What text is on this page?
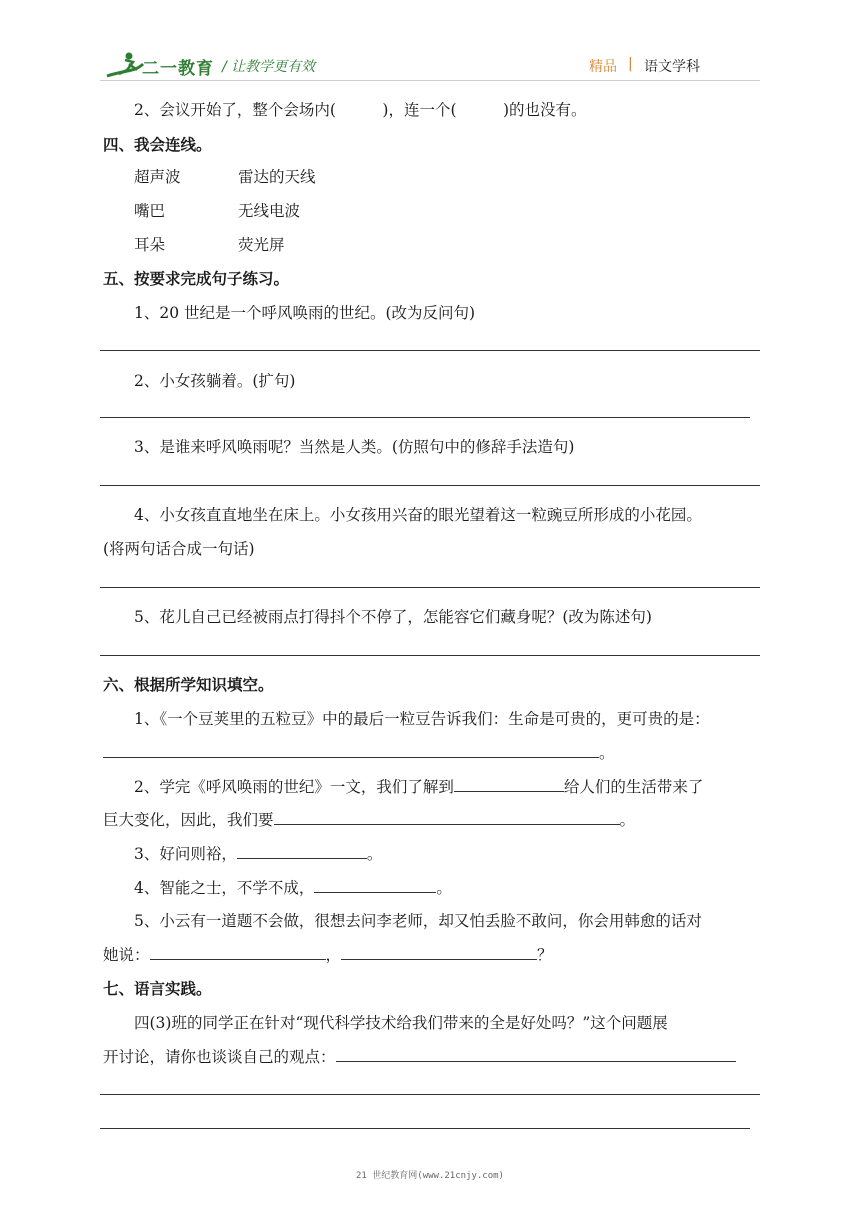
二一教育 / 让教学更有效	精品 | 语文学科
2、会议开始了，整个会场内(　　　)，连一个(　　　)的也没有。
四、我会连线。
超声波	雷达的天线
嘴巴	无线电波
耳朵	荧光屏
五、按要求完成句子练习。
1、20 世纪是一个呼风唤雨的世纪。(改为反问句)
2、小女孩躺着。(扩句)
3、是谁来呼风唤雨呢？当然是人类。(仿照句中的修辞手法造句)
4、小女孩直直地坐在床上。小女孩用兴奋的眼光望着这一粒豌豆所形成的小花园。
(将两句话合成一句话)
5、花儿自己已经被雨点打得抖个不停了，怎能容它们藏身呢？(改为陈述句)
六、根据所学知识填空。
1、《一个豆荚里的五粒豆》中的最后一粒豆告诉我们：生命是可贵的，更可贵的是：
。
2、学完《呼风唤雨的世纪》一文，我们了解到	给人们的生活带来了
巨大变化，因此，我们要	。
3、好问则裕，	。
4、智能之士，不学不成，	。
5、小云有一道题不会做，很想去问李老师，却又怕丢脸不敢问，你会用韩愈的话对
她说：	，	？
七、语言实践。
四(3)班的同学正在针对“现代科学技术给我们带来的全是好处吗？”这个问题展
开讨论，请你也谈谈自己的观点：
21 世纪教育网(www.21cnjy.com)
